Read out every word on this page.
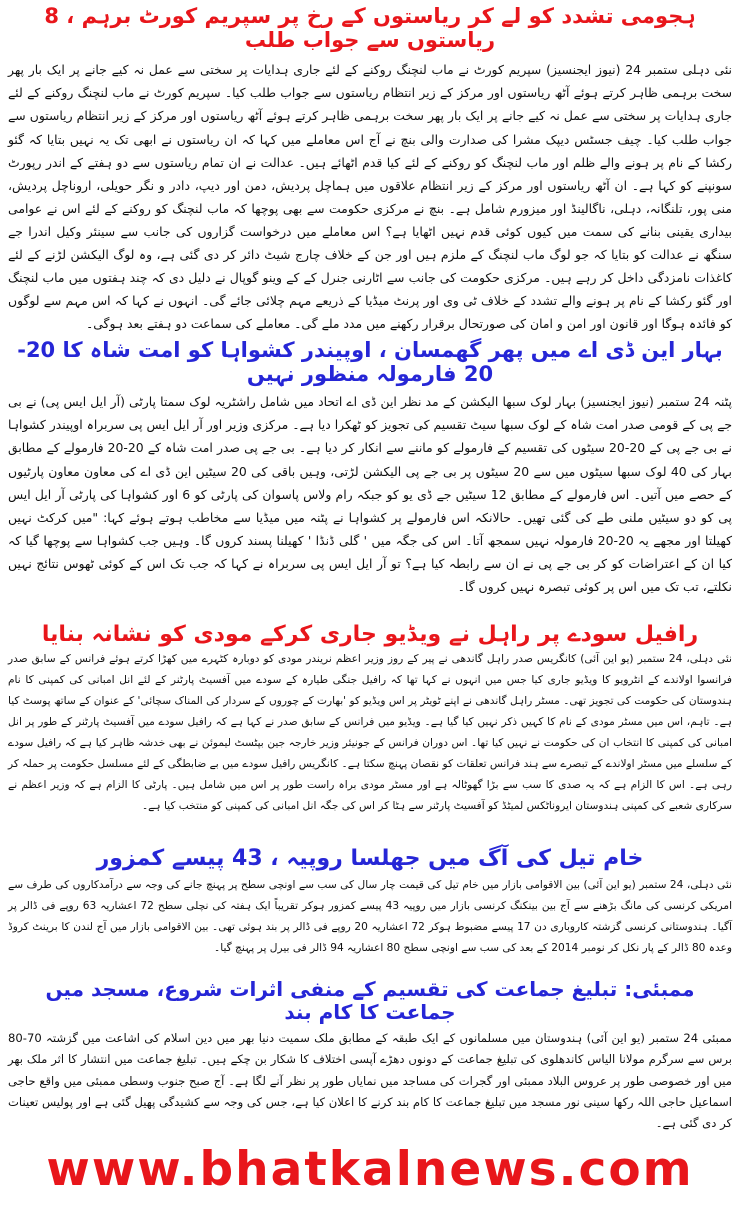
ہجومی تشدد کو لے کر ریاستوں کے رخ پر سپریم کورٹ برہم ، 8 ریاستوں سے جواب طلب

نئی دہلی ستمبر 24 (نیوز ایجنسیز) سپریم کورٹ نے ماب لنچنگ روکنے کے لئے جاری ہدایات پر سختی سے عمل نہ کیے جانے پر ایک بار پھر سخت برہمی ظاہر کرتے ہوئے آٹھ ریاستوں اور مرکز کے زیر انتظام ریاستوں سے جواب طلب کیا۔ سپریم کورٹ نے ماب لنچنگ روکنے کے لئے جاری ہدایات پر سختی سے عمل نہ کیے جانے پر ایک بار پھر سخت برہمی ظاہر کرتے ہوئے آٹھ ریاستوں اور مرکز کے زیر انتظام ریاستوں سے جواب طلب کیا۔ چیف جسٹس دیپک مشرا کی صدارت والی بنچ نے آج اس معاملے میں کہا کہ ان ریاستوں نے ابھی تک یہ نہیں بتایا کہ گئو رکشا کے نام پر ہونے والے ظلم اور ماب لنچنگ کو روکنے کے لئے کیا قدم اٹھائے ہیں۔ عدالت نے ان تمام ریاستوں سے دو ہفتے کے اندر رپورٹ سونپنے کو کہا ہے۔ ان آٹھ ریاستوں اور مرکز کے زیر انتظام علاقوں میں ہماچل پردیش، دمن اور دیپ، دادر و نگر حویلی، اروناچل پردیش، منی پور، تلنگانہ، دہلی، ناگالینڈ اور میزورم شامل ہے۔ بنچ نے مرکزی حکومت سے بھی پوچھا کہ ماب لنچنگ کو روکنے کے لئے اس نے عوامی بیداری یقینی بنانے کی سمت میں کیوں کوئی قدم نہیں اٹھایا ہے؟ اس معاملے میں درخواست گزاروں کی جانب سے سینئر وکیل اندرا جے سنگھ نے عدالت کو بتایا کہ جو لوگ ماب لنچنگ کے ملزم ہیں اور جن کے خلاف چارج شیٹ دائر کر دی گئی ہے، وہ لوگ الیکشن لڑنے کے لئے کاغذات نامزدگی داخل کر رہے ہیں۔ مرکزی حکومت کی جانب سے اٹارنی جنرل کے کے وینو گوپال نے دلیل دی کہ چند ہفتوں میں ماب لنچنگ اور گئو رکشا کے نام پر ہونے والے تشدد کے خلاف ٹی وی اور پرنٹ میڈیا کے ذریعے مہم چلائی جائے گی۔ انہوں نے کہا کہ اس مہم سے لوگوں کو فائدہ ہوگا اور قانون اور امن و امان کی صورتحال برقرار رکھنے میں مدد ملے گی۔ معاملے کی سماعت دو ہفتے بعد ہوگی۔

بہار این ڈی اے میں پھر گھمسان ، اوپیندر کشواہا کو امت شاہ کا 20-20 فارمولہ منظور نہیں

پٹنہ 24 ستمبر (نیوز ایجنسیز) بہار لوک سبھا الیکشن کے مد نظر این ڈی اے اتحاد میں شامل راشٹریہ لوک سمتا پارٹی (آر ایل ایس پی) نے بی جے پی کے قومی صدر امت شاہ کے لوک سبھا سیٹ تقسیم کی تجویز کو ٹھکرا دیا ہے۔ مرکزی وزیر اور آر ایل ایس پی سربراہ اوپیندر کشواہا نے بی جے پی کے 20-20 سیٹوں کی تقسیم کے فارمولے کو ماننے سے انکار کر دیا ہے۔ بی جے پی صدر امت شاہ کے 20-20 فارمولے کے مطابق بہار کی 40 لوک سبھا سیٹوں میں سے 20 سیٹوں پر بی جے پی الیکشن لڑتی، وہیں باقی کی 20 سیٹیں این ڈی اے کی معاون معاون پارٹیوں کے حصے میں آتیں۔ اس فارمولے کے مطابق 12 سیٹیں جے ڈی یو کو جبکہ رام ولاس پاسوان کی پارٹی کو 6 اور کشواہا کی پارٹی آر ایل ایس پی کو دو سیٹیں ملنی طے کی گئی تھیں۔ حالانکہ اس فارمولے پر کشواہا نے پٹنہ میں میڈیا سے مخاطب ہوتے ہوئے کہا: "میں کرکٹ نہیں کھیلتا اور مجھے یہ 20-20 فارمولہ نہیں سمجھ آتا۔ اس کی جگہ میں ' گلی ڈنڈا ' کھیلنا پسند کروں گا۔ وہیں جب کشواہا سے پوچھا گیا کہ کیا ان کے اعتراضات کو کر بی جے پی نے ان سے رابطہ کیا ہے؟ تو آر ایل ایس پی سربراہ نے کہا کہ جب تک اس کے کوئی ٹھوس نتائج نہیں نکلتے، تب تک میں اس پر کوئی تبصرہ نہیں کروں گا۔

رافیل سودے پر راہل نے ویڈیو جاری کرکے مودی کو نشانہ بنایا

نئی دہلی، 24 ستمبر (یو این آئی) کانگریس صدر راہل گاندھی نے پیر کے روز وزیر اعظم نریندر مودی کو دوبارہ کٹہرے میں کھڑا کرتے ہوئے فرانس کے سابق صدر فرانسوا اولاندے کے انٹرویو کا ویڈیو جاری کیا جس میں انہوں نے کہا تھا کہ رافیل جنگی طیارہ کے سودے میں آفسیٹ پارٹنر کے لئے انل امبانی کی کمپنی کا نام ہندوستان کی حکومت کی تجویز تھی۔ مسٹر راہل گاندھی نے اپنے ٹویٹر پر اس ویڈیو کو 'بھارت کے چوروں کے سردار کی المناک سچائی' کے عنوان کے ساتھ پوسٹ کیا ہے۔ تاہم، اس میں مسٹر مودی کے نام کا کہیں ذکر نہیں کیا گیا ہے۔ ویڈیو میں فرانس کے سابق صدر نے کہا ہے کہ رافیل سودے میں آفسیٹ پارٹنر کے طور پر انل امبانی کی کمپنی کا انتخاب ان کی حکومت نے نہیں کیا تھا۔ اس دوران فرانس کے جونیئر وزیر خارجہ جین بپٹسٹ لیموئن نے بھی خدشہ ظاہر کیا ہے کہ رافیل سودے کے سلسلے میں مسٹر اولاندے کے تبصرے سے ہند فرانس تعلقات کو نقصان پہنچ سکتا ہے۔ کانگریس رافیل سودے میں بے ضابطگی کے لئے مسلسل حکومت پر حملہ کر رہی ہے۔ اس کا الزام ہے کہ یہ صدی کا سب سے بڑا گھوٹالہ ہے اور مسٹر مودی براہ راست طور پر اس میں شامل ہیں۔ پارٹی کا الزام ہے کہ وزیر اعظم نے سرکاری شعبے کی کمپنی ہندوستان ایروناٹکس لمیٹڈ کو آفسیٹ پارٹنر سے ہٹا کر اس کی جگہ انل امبانی کی کمپنی کو منتخب کیا ہے۔

خام تیل کی آگ میں جھلسا روپیہ ، 43 پیسے کمزور

نئی دہلی، 24 ستمبر (یو این آئی) بین الاقوامی بازار میں خام تیل کی قیمت چار سال کی سب سے اونچی سطح پر پہنچ جانے کی وجہ سے درآمدکاروں کی طرف سے امریکی کرنسی کی مانگ بڑھنے سے آج بین بینکنگ کرنسی بازار میں روپیہ 43 پیسے کمزور ہوکر تقریباً ایک ہفتہ کی نچلی سطح 72 اعشاریہ 63 روپے فی ڈالر پر آگیا۔ ہندوستانی کرنسی گزشتہ کاروباری دن 17 پیسے مضبوط ہوکر 72 اعشاریہ 20 روپے فی ڈالر پر بند ہوئی تھی۔ بین الاقوامی بازار میں آج لندن کا برینٹ کروڈ وعدہ 80 ڈالر کے پار نکل کر نومبر 2014 کے بعد کی سب سے اونچی سطح 80 اعشاریہ 94 ڈالر فی بیرل پر پہنچ گیا۔

ممبئی: تبلیغ جماعت کی تقسیم کے منفی اثرات شروع، مسجد میں جماعت کا کام بند

ممبئی 24 ستمبر (یو این آئی) ہندوستان میں مسلمانوں کے ایک طبقہ کے مطابق ملک سمیت دنیا بھر میں دین اسلام کی اشاعت میں گزشتہ 70-80 برس سے سرگرم مولانا الیاس کاندھلوی کی تبلیغ جماعت کے دونوں دھڑے آپسی اختلاف کا شکار بن چکے ہیں۔ تبلیغ جماعت میں انتشار کا اثر ملک بھر میں اور خصوصی طور پر عروس البلاد ممبئی اور گجرات کی مساجد میں نمایاں طور پر نظر آنے لگا ہے۔ آج صبح جنوب وسطی ممبئی میں واقع حاجی اسماعیل حاجی اللہ رکھا سینی نور مسجد میں تبلیغ جماعت کا کام بند کرنے کا اعلان کیا ہے، جس کی وجہ سے کشیدگی پھیل گئی ہے اور پولیس تعینات کر دی گئی ہے۔

www.bhatkalnews.com
